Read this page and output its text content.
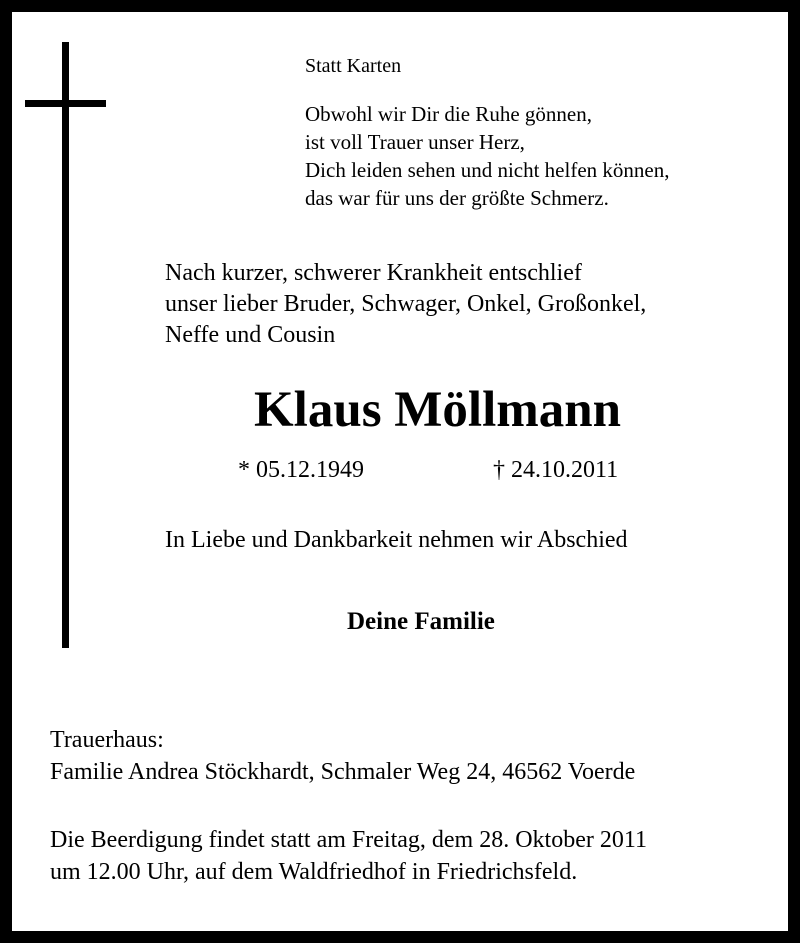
Statt Karten
Obwohl wir Dir die Ruhe gönnen,
ist voll Trauer unser Herz,
Dich leiden sehen und nicht helfen können,
das war für uns der größte Schmerz.
Nach kurzer, schwerer Krankheit entschlief
unser lieber Bruder, Schwager, Onkel, Großonkel,
Neffe und Cousin
Klaus Möllmann
* 05.12.1949	† 24.10.2011
In Liebe und Dankbarkeit nehmen wir Abschied
Deine Familie
Trauerhaus:
Familie Andrea Stöckhardt, Schmaler Weg 24, 46562 Voerde
Die Beerdigung findet statt am Freitag, dem 28. Oktober 2011
um 12.00 Uhr, auf dem Waldfriedhof in Friedrichsfeld.
